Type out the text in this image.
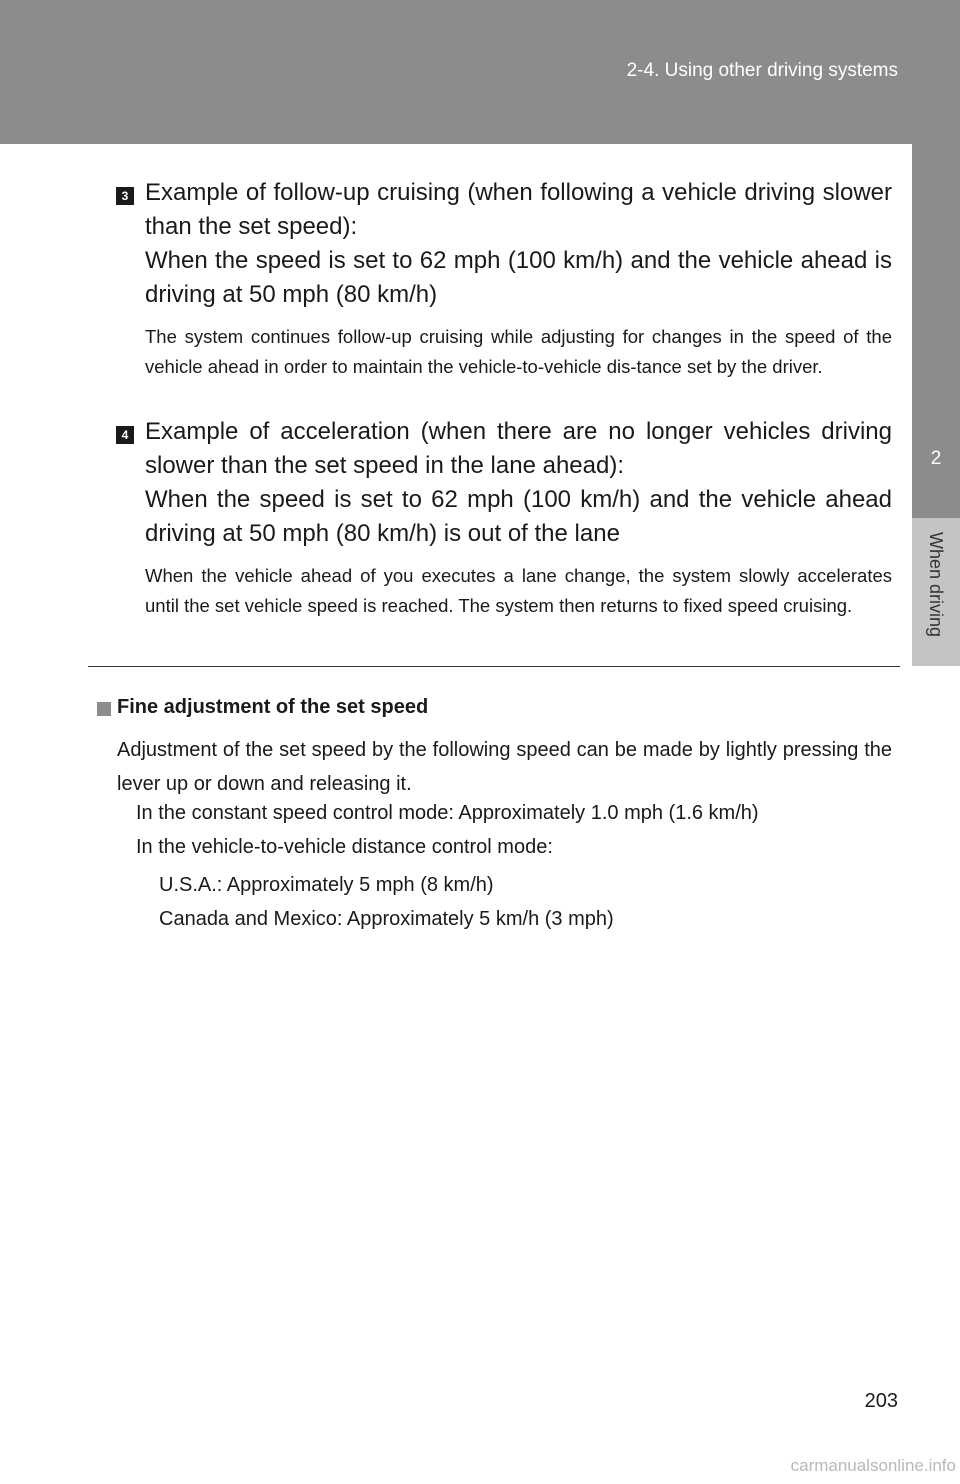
2-4. Using other driving systems
2
When driving
3 Example of follow-up cruising (when following a vehicle driving slower than the set speed):

When the speed is set to 62 mph (100 km/h) and the vehicle ahead is driving at 50 mph (80 km/h)

The system continues follow-up cruising while adjusting for changes in the speed of the vehicle ahead in order to maintain the vehicle-to-vehicle dis-tance set by the driver.

4 Example of acceleration (when there are no longer vehicles driving slower than the set speed in the lane ahead):

When the speed is set to 62 mph (100 km/h) and the vehicle ahead driving at 50 mph (80 km/h) is out of the lane

When the vehicle ahead of you executes a lane change, the system slowly accelerates until the set vehicle speed is reached. The system then returns to fixed speed cruising.

Fine adjustment of the set speed

Adjustment of the set speed by the following speed can be made by lightly pressing the lever up or down and releasing it.

In the constant speed control mode: Approximately 1.0 mph (1.6 km/h)

In the vehicle-to-vehicle distance control mode:

U.S.A.: Approximately 5 mph (8 km/h)

Canada and Mexico: Approximately 5 km/h (3 mph)

203
carmanualsonline.info
